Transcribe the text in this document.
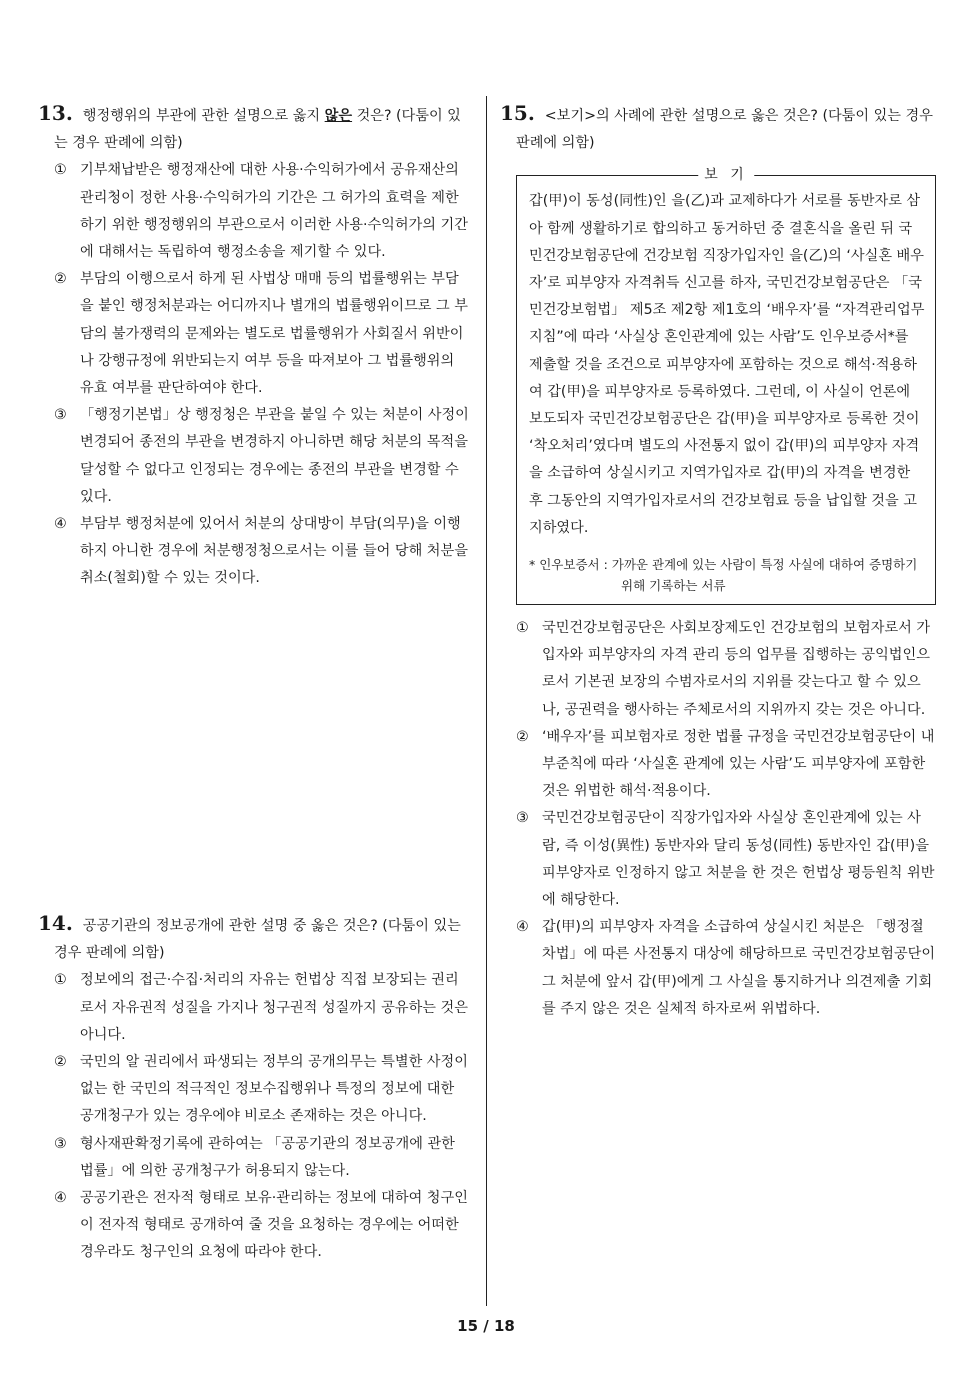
13. 행정행위의 부관에 관한 설명으로 옳지 않은 것은? (다툼이 있는 경우 판례에 의함)

① 기부채납받은 행정재산에 대한 사용·수익허가에서 공유재산의 관리청이 정한 사용·수익허가의 기간은 그 허가의 효력을 제한하기 위한 행정행위의 부관으로서 이러한 사용·수익허가의 기간에 대해서는 독립하여 행정소송을 제기할 수 있다.
② 부담의 이행으로서 하게 된 사법상 매매 등의 법률행위는 부담을 붙인 행정처분과는 어디까지나 별개의 법률행위이므로 그 부담의 불가쟁력의 문제와는 별도로 법률행위가 사회질서 위반이나 강행규정에 위반되는지 여부 등을 따져보아 그 법률행위의 유효 여부를 판단하여야 한다.
③ 「행정기본법」상 행정청은 부관을 붙일 수 있는 처분이 사정이 변경되어 종전의 부관을 변경하지 아니하면 해당 처분의 목적을 달성할 수 없다고 인정되는 경우에는 종전의 부관을 변경할 수 있다.
④ 부담부 행정처분에 있어서 처분의 상대방이 부담(의무)을 이행하지 아니한 경우에 처분행정청으로서는 이를 들어 당해 처분을 취소(철회)할 수 있는 것이다.

14. 공공기관의 정보공개에 관한 설명 중 옳은 것은? (다툼이 있는 경우 판례에 의함)

① 정보에의 접근·수집·처리의 자유는 헌법상 직접 보장되는 권리로서 자유권적 성질을 가지나 청구권적 성질까지 공유하는 것은 아니다.
② 국민의 알 권리에서 파생되는 정부의 공개의무는 특별한 사정이 없는 한 국민의 적극적인 정보수집행위나 특정의 정보에 대한 공개청구가 있는 경우에야 비로소 존재하는 것은 아니다.
③ 형사재판확정기록에 관하여는 「공공기관의 정보공개에 관한 법률」에 의한 공개청구가 허용되지 않는다.
④ 공공기관은 전자적 형태로 보유·관리하는 정보에 대하여 청구인이 전자적 형태로 공개하여 줄 것을 요청하는 경우에는 어떠한 경우라도 청구인의 요청에 따라야 한다.

15. <보기>의 사례에 관한 설명으로 옳은 것은? (다툼이 있는 경우 판례에 의함)

보 기

갑(甲)이 동성(同性)인 을(乙)과 교제하다가 서로를 동반자로 삼아 함께 생활하기로 합의하고 동거하던 중 결혼식을 올린 뒤 국민건강보험공단에 건강보험 직장가입자인 을(乙)의 ‘사실혼 배우자’로 피부양자 자격취득 신고를 하자, 국민건강보험공단은 「국민건강보험법」 제5조 제2항 제1호의 ‘배우자’를 “자격관리업무지침”에 따라 ‘사실상 혼인관계에 있는 사람’도 인우보증서*를 제출할 것을 조건으로 피부양자에 포함하는 것으로 해석·적용하여 갑(甲)을 피부양자로 등록하였다. 그런데, 이 사실이 언론에 보도되자 국민건강보험공단은 갑(甲)을 피부양자로 등록한 것이 ‘착오처리’였다며 별도의 사전통지 없이 갑(甲)의 피부양자 자격을 소급하여 상실시키고 지역가입자로 갑(甲)의 자격을 변경한 후 그동안의 지역가입자로서의 건강보험료 등을 납입할 것을 고지하였다.

* 인우보증서 : 가까운 관계에 있는 사람이 특정 사실에 대하여 증명하기 위해 기록하는 서류
① 국민건강보험공단은 사회보장제도인 건강보험의 보험자로서 가입자와 피부양자의 자격 관리 등의 업무를 집행하는 공익법인으로서 기본권 보장의 수범자로서의 지위를 갖는다고 할 수 있으나, 공권력을 행사하는 주체로서의 지위까지 갖는 것은 아니다.
② ‘배우자’를 피보험자로 정한 법률 규정을 국민건강보험공단이 내부준칙에 따라 ‘사실혼 관계에 있는 사람’도 피부양자에 포함한 것은 위법한 해석·적용이다.
③ 국민건강보험공단이 직장가입자와 사실상 혼인관계에 있는 사람, 즉 이성(異性) 동반자와 달리 동성(同性) 동반자인 갑(甲)을 피부양자로 인정하지 않고 처분을 한 것은 헌법상 평등원칙 위반에 해당한다.
④ 갑(甲)의 피부양자 자격을 소급하여 상실시킨 처분은 「행정절차법」에 따른 사전통지 대상에 해당하므로 국민건강보험공단이 그 처분에 앞서 갑(甲)에게 그 사실을 통지하거나 의견제출 기회를 주지 않은 것은 실체적 하자로써 위법하다.
15 / 18
